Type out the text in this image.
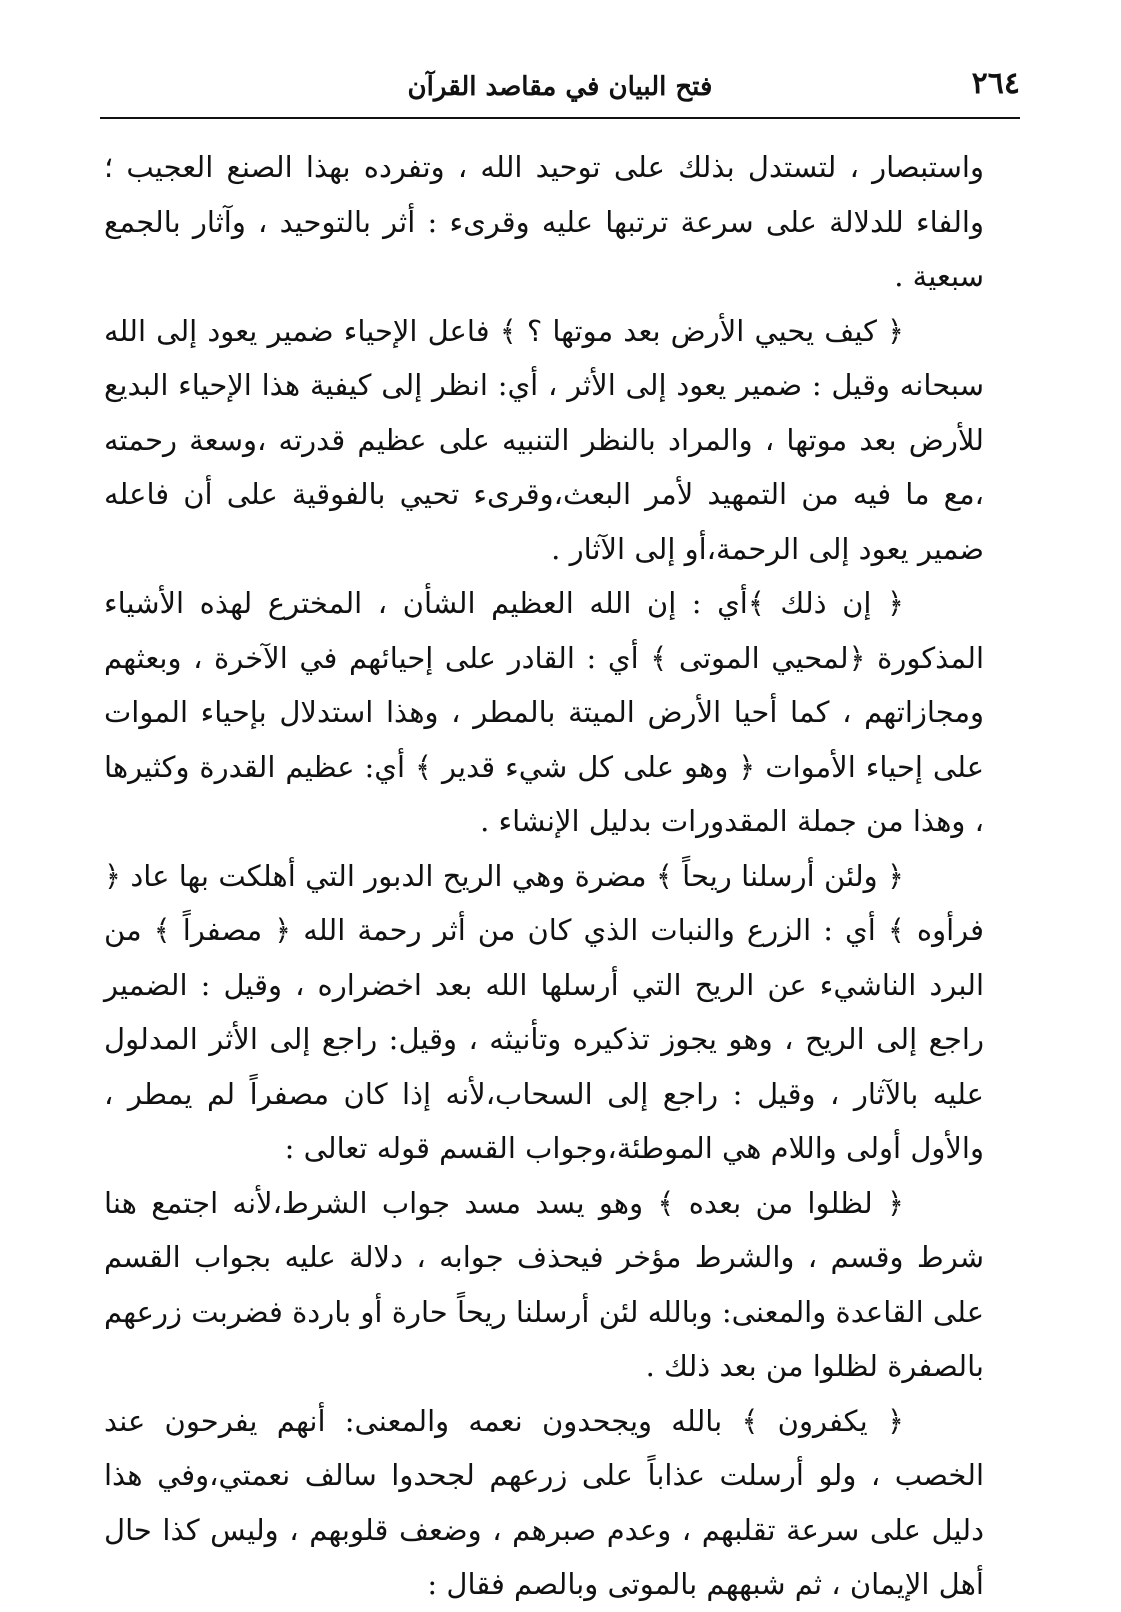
٢٦٤
فتح البيان في مقاصد القرآن

واستبصار ، لتستدل بذلك على توحيد الله ، وتفرده بهذا الصنع العجيب ؛والفاء للدلالة على سرعة ترتبها عليه وقرىء : أثر بالتوحيد ، وآثار بالجمع سبعية .

﴿ كيف يحيي الأرض بعد موتها ؟ ﴾ فاعل الإحياء ضمير يعود إلى الله سبحانه وقيل : ضمير يعود إلى الأثر ، أي: انظر إلى كيفية هذا الإحياء البديع للأرض بعد موتها ، والمراد بالنظر التنبيه على عظيم قدرته ،وسعة رحمته ،مع ما فيه من التمهيد لأمر البعث،وقرىء تحيي بالفوقية على أن فاعله ضمير يعود إلى الرحمة،أو إلى الآثار .

﴿ إن ذلك ﴾أي : إن الله العظيم الشأن ، المخترع لهذه الأشياء المذكورة ﴿لمحيي الموتى ﴾ أي : القادر على إحيائهم في الآخرة ، وبعثهم ومجازاتهم ، كما أحيا الأرض الميتة بالمطر ، وهذا استدلال بإحياء الموات على إحياء الأموات ﴿ وهو على كل شيء قدير ﴾ أي: عظيم القدرة وكثيرها ، وهذا من جملة المقدورات بدليل الإنشاء .

﴿ ولئن أرسلنا ريحاً ﴾ مضرة وهي الريح الدبور التي أهلكت بها عاد ﴿ فرأوه ﴾ أي : الزرع والنبات الذي كان من أثر رحمة الله ﴿ مصفراً ﴾ من البرد الناشيء عن الريح التي أرسلها الله بعد اخضراره ، وقيل : الضمير راجع إلى الريح ، وهو يجوز تذكيره وتأنيثه ، وقيل: راجع إلى الأثر المدلول عليه بالآثار ، وقيل : راجع إلى السحاب،لأنه إذا كان مصفراً لم يمطر ، والأول أولى واللام هي الموطئة،وجواب القسم قوله تعالى :

﴿ لظلوا من بعده ﴾ وهو يسد مسد جواب الشرط،لأنه اجتمع هنا شرط وقسم ، والشرط مؤخر فيحذف جوابه ، دلالة عليه بجواب القسم على القاعدة والمعنى: وبالله لئن أرسلنا ريحاً حارة أو باردة فضربت زرعهم بالصفرة لظلوا من بعد ذلك .

﴿ يكفرون ﴾ بالله ويجحدون نعمه والمعنى: أنهم يفرحون عند الخصب ، ولو أرسلت عذاباً على زرعهم لجحدوا سالف نعمتي،وفي هذا دليل على سرعة تقلبهم ، وعدم صبرهم ، وضعف قلوبهم ، وليس كذا حال أهل الإيمان ، ثم شبههم بالموتى وبالصم فقال :
